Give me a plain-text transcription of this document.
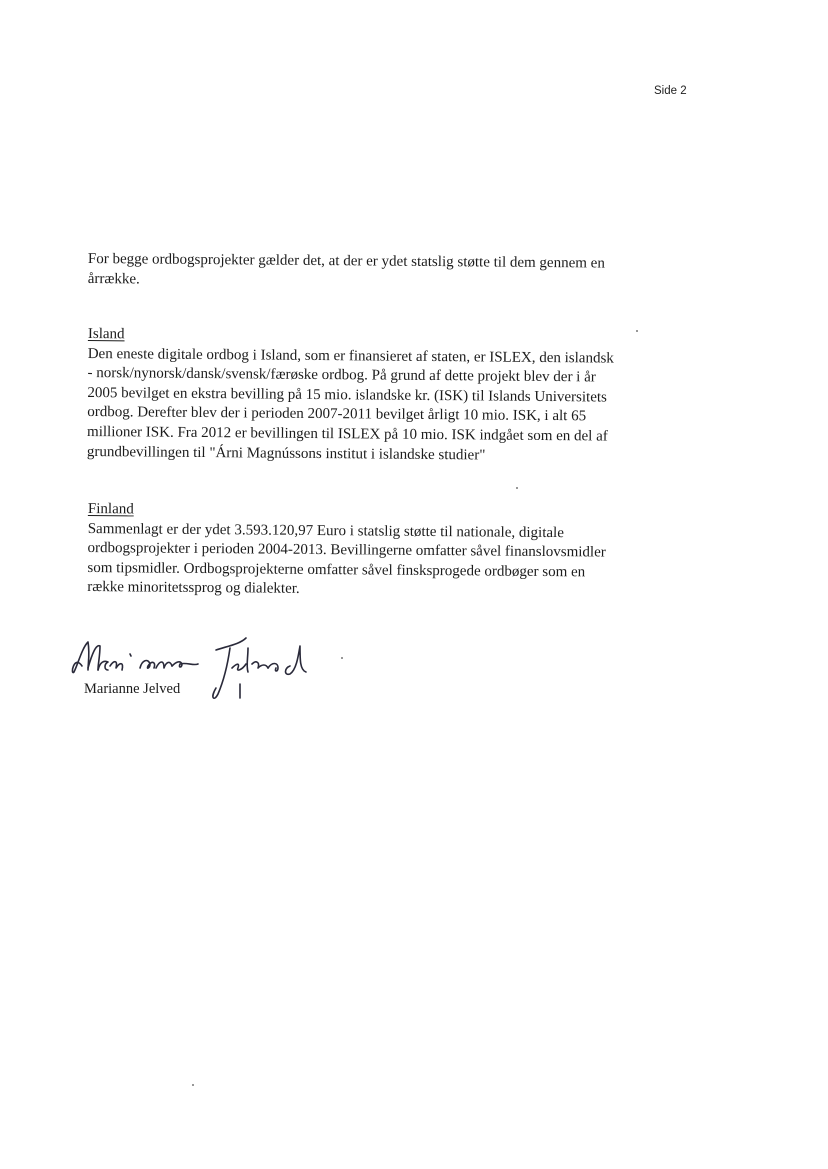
Side 2
For begge ordbogsprojekter gælder det, at der er ydet statslig støtte til dem gennem en
årrække.
Island
Den eneste digitale ordbog i Island, som er finansieret af staten, er ISLEX, den islandsk
- norsk/nynorsk/dansk/svensk/færøske ordbog. På grund af dette projekt blev der i år
2005 bevilget en ekstra bevilling på 15 mio. islandske kr. (ISK) til Islands Universitets
ordbog. Derefter blev der i perioden 2007-2011 bevilget årligt 10 mio. ISK, i alt 65
millioner ISK. Fra 2012 er bevillingen til ISLEX på 10 mio. ISK indgået som en del af
grundbevillingen til "Árni Magnússons institut i islandske studier"
Finland
Sammenlagt er der ydet 3.593.120,97 Euro i statslig støtte til nationale, digitale
ordbogsprojekter i perioden 2004-2013. Bevillingerne omfatter såvel finanslovsmidler
som tipsmidler. Ordbogsprojekterne omfatter såvel finsksprogede ordbøger som en
række minoritetssprog og dialekter.
Marianne Jelved
